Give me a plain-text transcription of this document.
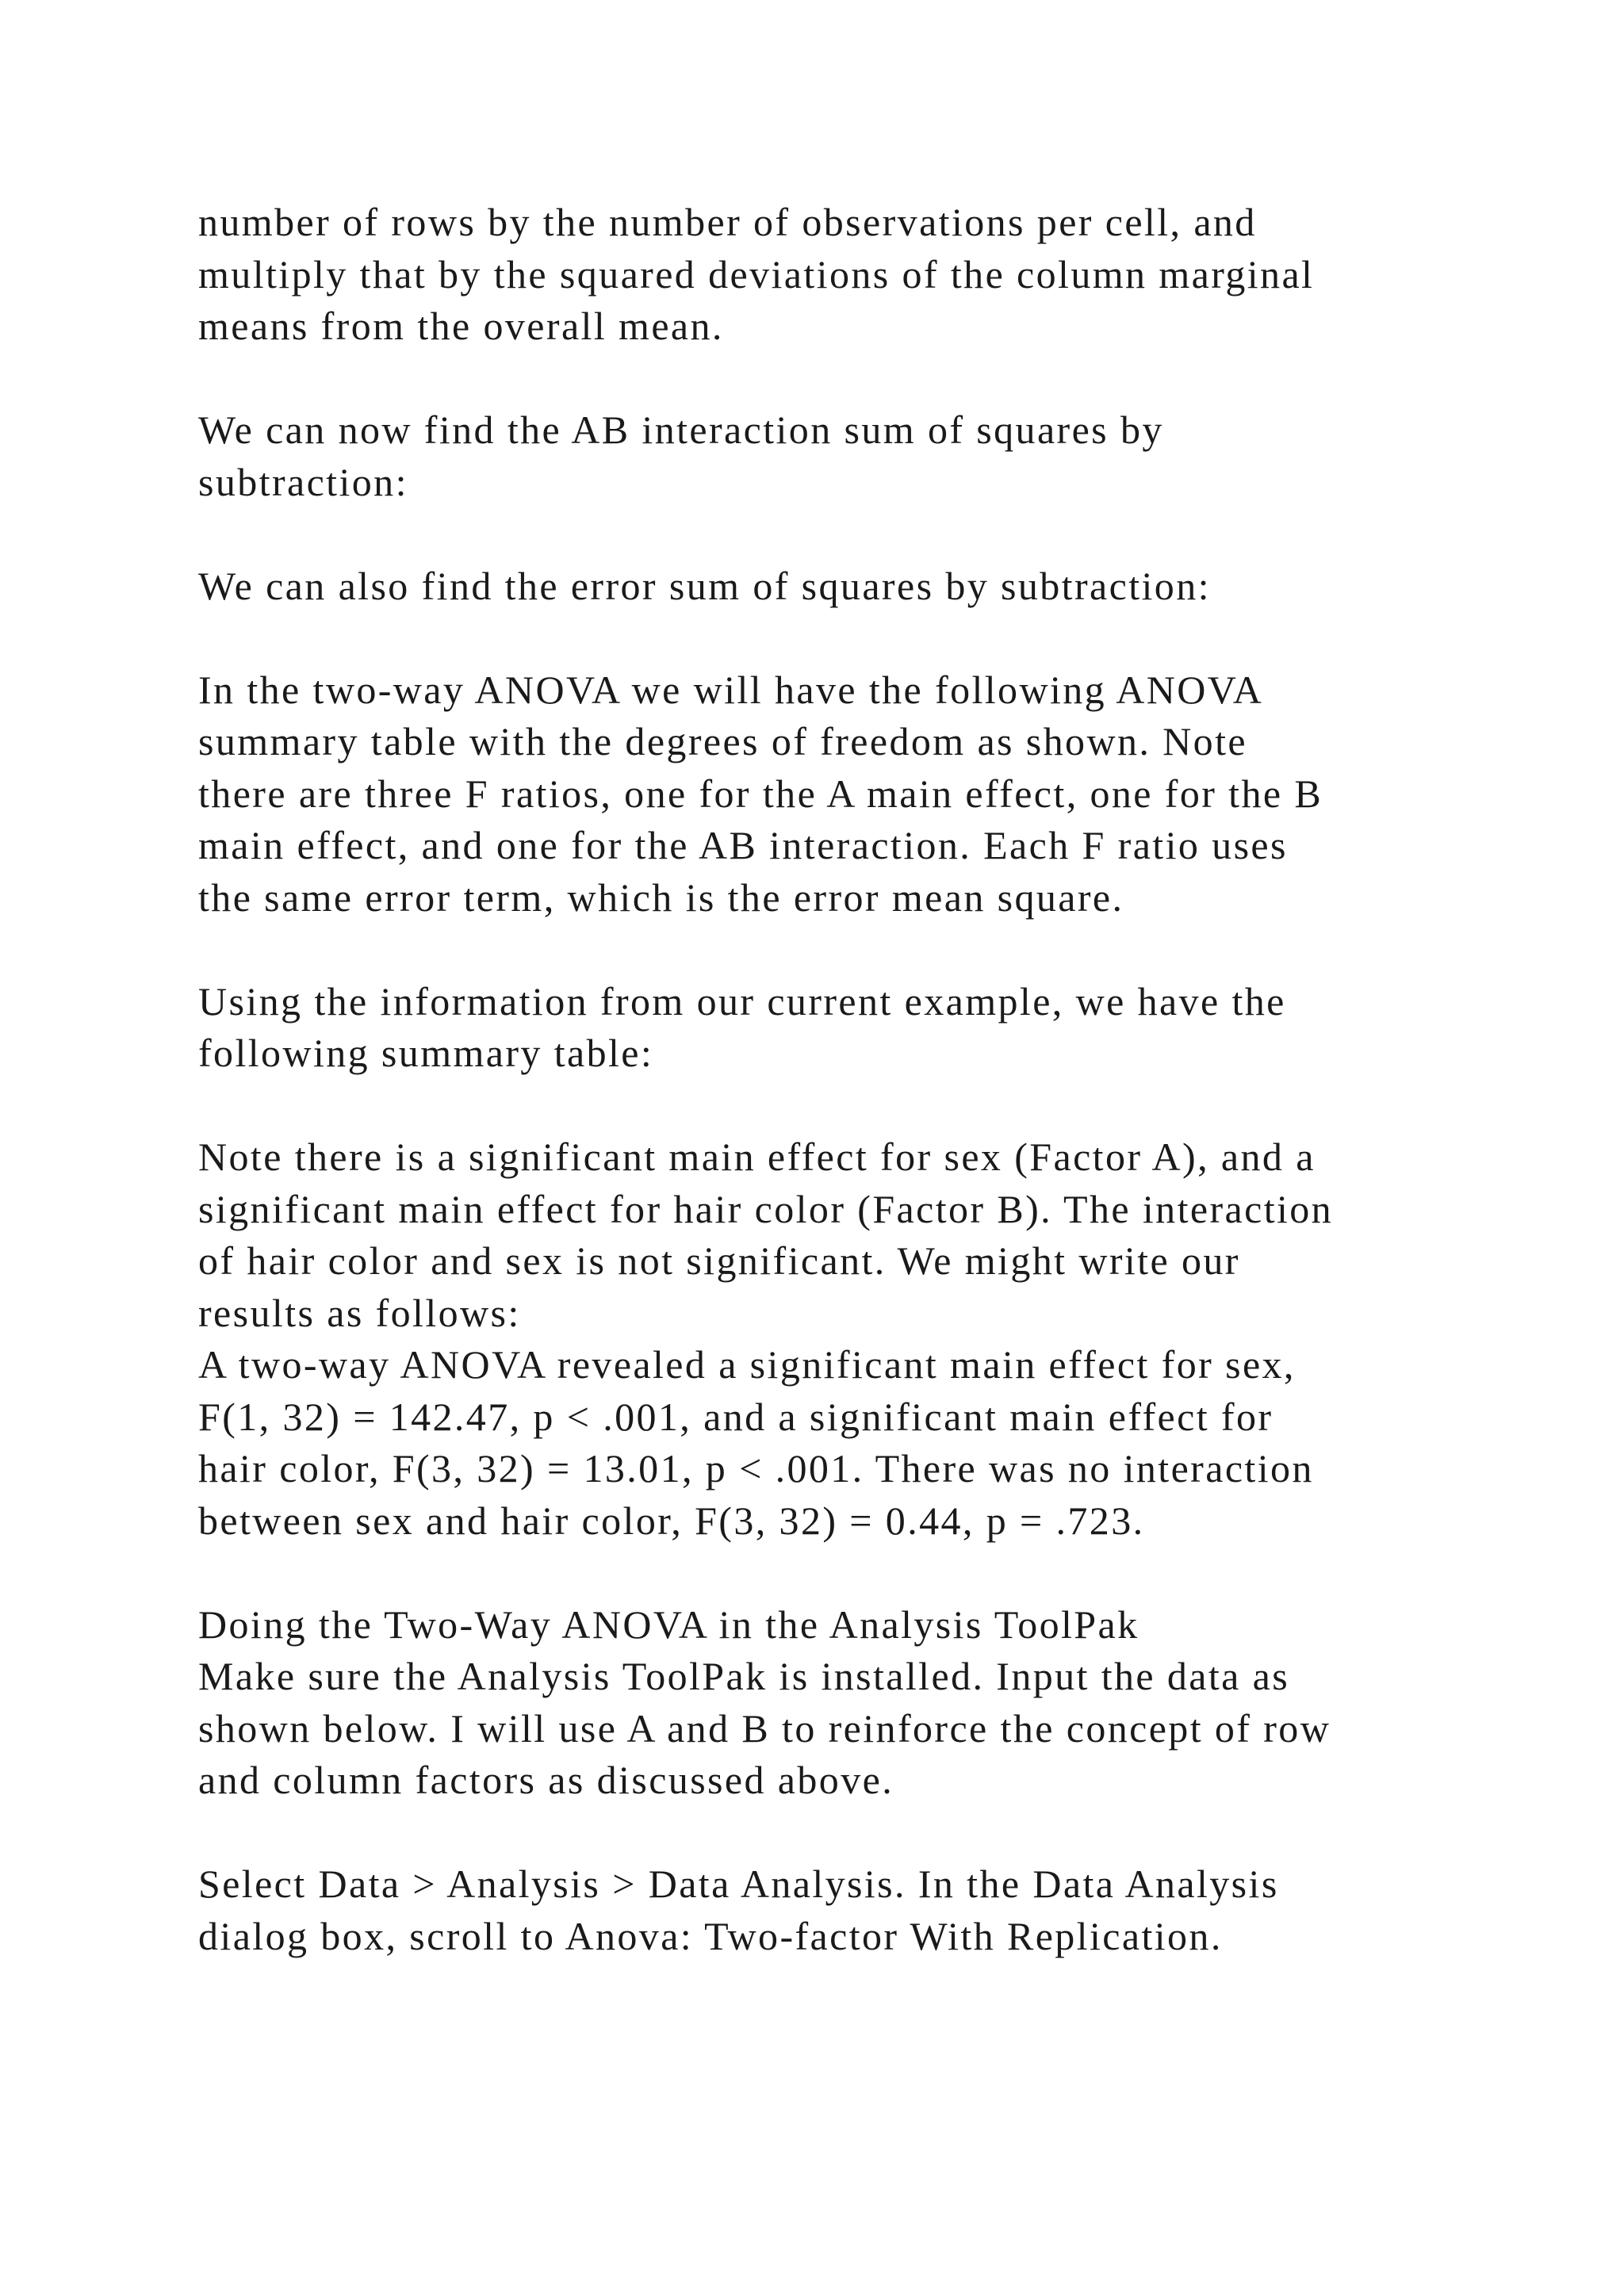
number of rows by the number of observations per cell, and
multiply that by the squared deviations of the column marginal
means from the overall mean.
We can now find the AB interaction sum of squares by
subtraction:
We can also find the error sum of squares by subtraction:
In the two-way ANOVA we will have the following ANOVA
summary table with the degrees of freedom as shown. Note
there are three F ratios, one for the A main effect, one for the B
main effect, and one for the AB interaction. Each F ratio uses
the same error term, which is the error mean square.
Using the information from our current example, we have the
following summary table:
Note there is a significant main effect for sex (Factor A), and a
significant main effect for hair color (Factor B). The interaction
of hair color and sex is not significant. We might write our
results as follows:
A two-way ANOVA revealed a significant main effect for sex,
F(1, 32) = 142.47, p < .001, and a significant main effect for
hair color, F(3, 32) = 13.01, p < .001. There was no interaction
between sex and hair color, F(3, 32) = 0.44, p = .723.
Doing the Two-Way ANOVA in the Analysis ToolPak
Make sure the Analysis ToolPak is installed. Input the data as
shown below. I will use A and B to reinforce the concept of row
and column factors as discussed above.
Select Data > Analysis > Data Analysis. In the Data Analysis
dialog box, scroll to Anova: Two-factor With Replication.
